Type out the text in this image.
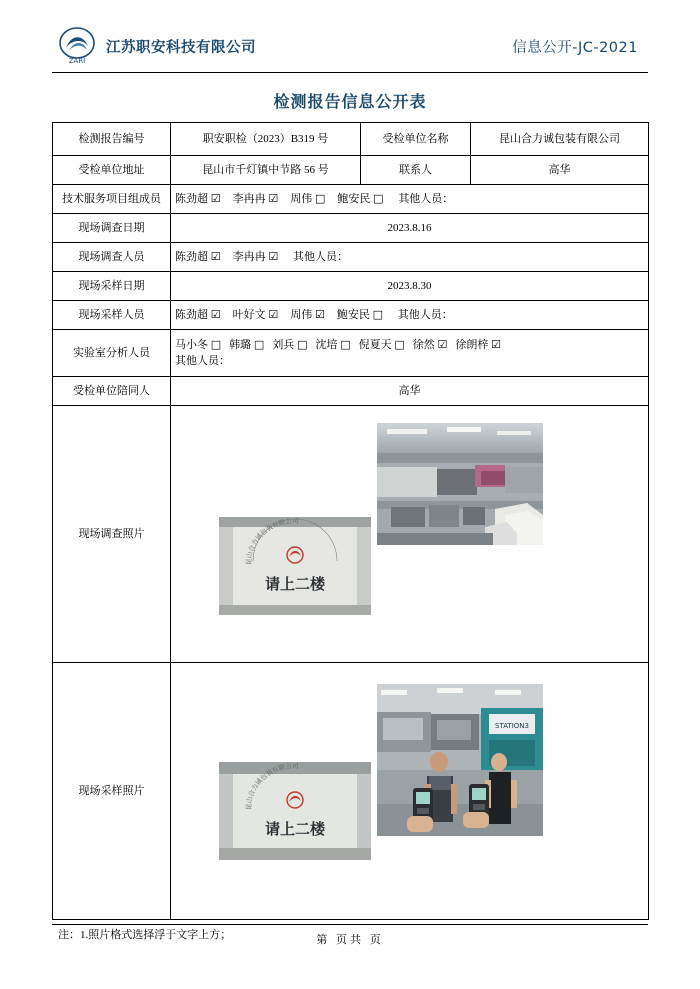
ZARI
江苏职安科技有限公司	信息公开-JC-2021
检测报告信息公开表
检测报告编号	职安职检（2023）B319 号	受检单位名称	昆山合力诚包装有限公司
受检单位地址	昆山市千灯镇中节路 56 号	联系人	高华
技术服务项目组成员	陈劲超 ☑ 李冉冉 ☑ 周伟 □ 鲍安民 □ 其他人员：		
现场调查日期	2023.8.16		
现场调查人员	陈劲超 ☑ 李冉冉 ☑ 其他人员：		
现场采样日期	2023.8.30		
现场采样人员	陈劲超 ☑ 叶好文 ☑ 周伟 ☑ 鲍安民 □ 其他人员：		
实验室分析人员	马小冬 □ 韩璐 □ 刘兵 □ 沈培 □ 倪夏天 □ 徐然 ☑ 徐朗梓 ☑
其他人员：		

受检单位陪同人	高华		
现场调查照片	昆山合力诚包装有限公司
请上二楼		

现场采样照片	STATION3
昆山合力诚包装有限公司
请上二楼		
注：1.照片格式选择浮于文字上方；	第 页共 页
